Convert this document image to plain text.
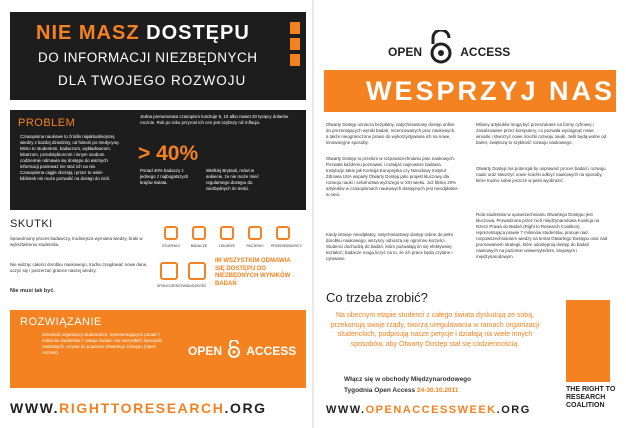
NIE MASZ DOSTĘPU
DO INFORMACJI NIEZBĘDNYCH
DLA TWOJEGO ROZWOJU
PROBLEM
Czasopisma naukowe to źródło najaktualniejszej wiedzy z każdej dziedziny, od historii po medycynę. Mimo to studentom, badaczom, wykładowcom, lekarzom, przedsiębiorcom i innym osobom codziennie odmawia się dostępu do ważnych informacji ponieważ nie stać ich na nie. Czasopisma ciągle drożeją i przez to wiele bibliotek nie może pozwolić na dostęp do nich.
Jedna prenumerata czasopism kosztuje 5, 10 albo nawet 20 tysięcy dolarów rocznie. Rok po roku przyrost ich cen jest szybszy niż inflacja.
> 40%
Ponad 40% badaczy z jednego z najbogatszych krajów świata.
Wielkiej Brytanii, mówi w ankiecie, że nie może mieć regularnego dostępu do niezbędnych im treści.
SKUTKI
Spowolniony proces badawczy, trudniejsza wymiana wiedzy, braki w wykształceniu studentów.
Nie widząc całości dorobku naukowego, trudno znajdować nowe dane, uczyć się i poszerzać granice naszej wiedzy.
Nie musi tak być.
STUDENCI	BADACZE	LEKARZE	PACJENCI	PRZEDSIĘBIORCY
SPOŁECZEŃSTWO
LUDZKOŚĆ
IM WSZYSTKIM ODMAWIA SIĘ DOSTĘPU DO NIEZBĘDNYCH WYNIKÓW BADAŃ
ROZWIĄZANIE
Dzielnicki organizacji studenckich, reprezentujących ponad 7 milionów studentów z całego świata i we wszystkich dyscyplin naukowych, wzywa do poparcia Otwartego Dostępu (Open Access).	OPEN ACCESS
WWW.RIGHTTORESEARCH.ORG
OPEN	ACCESS
WESPRZYJ NAS
Otwarty Dostęp oznacza bezpłatny, natychmiastowy dostęp online do prezentujących wyniki badań, recenzowanych prac naukowych, a także nieograniczone prawo do wykorzystywania ich na nowe, innowacyjne sposoby.
Otwarty Dostęp to przełom w rozpowszechnianiu prac naukowych. Pozwala każdemu poznawać i rozwijać najnowsze badania. Instytucje takie jak Komisja Europejska czy Narodowy Instytut Zdrowia USA wsparły Otwarty Dostęp jako projekt kluczowy dla rozwoju nauki i szkolnictwa wyższego w XXI wieku. Już blisko 20% artykułów w czasopismach naukowych dostępnych jest nieodpłatnie w sieci.
Kiedy istnieje nieodpłatny, natychmiastowy dostęp online do pełni dorobku naukowego, wszyscy odnoszą się ogromne korzyści. Studenci dochodzą do badań, które pozwalają im się efektywniej kształcić; badacze mogą liczyć na to, że ich prace będą czytane i cytowane.
Miliony artykułów mogą być przeszukane na formy cyfrowej i zanalizowane przez komputery, co pozwala wyciągnąć nowe wnioski i stworzyć nowe ścieżki rozwoju nauki. Jeśli będą wolne od barier, zwiększą to szybkość rozwoju naukowego.
Otwarty Dostęp ma potencjał by usprawnić proces badań i rozwoju nauki oraz stworzyć nowe ścieżki odkryć naukowych na sposoby, które trudno sobie jeszcze w pełni wyobrazić.
Rola studentów w upowszechnianiu Otwartego Dostępu jest kluczowa. Prowadzona przez nich międzynarodowa Koalicja na Rzecz Prawa do Badań (Right to Research Coalition), reprezentująca prawie 7 milionów studentów, pracuje nad rozpowszechnianiem wiedzy na temat Otwartego Dostępu oraz nad promowaniem strategii, które udostępnią dostęp do badań naukowych na poziomie uniwersyteckim, krajowym i międzynarodowym.
Co trzeba zrobić?
Na obecnym etapie studenci z całego świata dyskutują ze sobą, przekonują swoje rządy, tworzą uregulowania w ramach organizacji studenckich, podpisują nasze petycje i działają na wiele innych sposobów, aby Otwarty Dostęp stał się codziennością.
Włącz się w obchody Międzynarodowego
Tygodnia Open Access 24-30.10.2011
WWW.OPENACCESSWEEK.ORG
THE RIGHT TO
RESEARCH
COALITION
